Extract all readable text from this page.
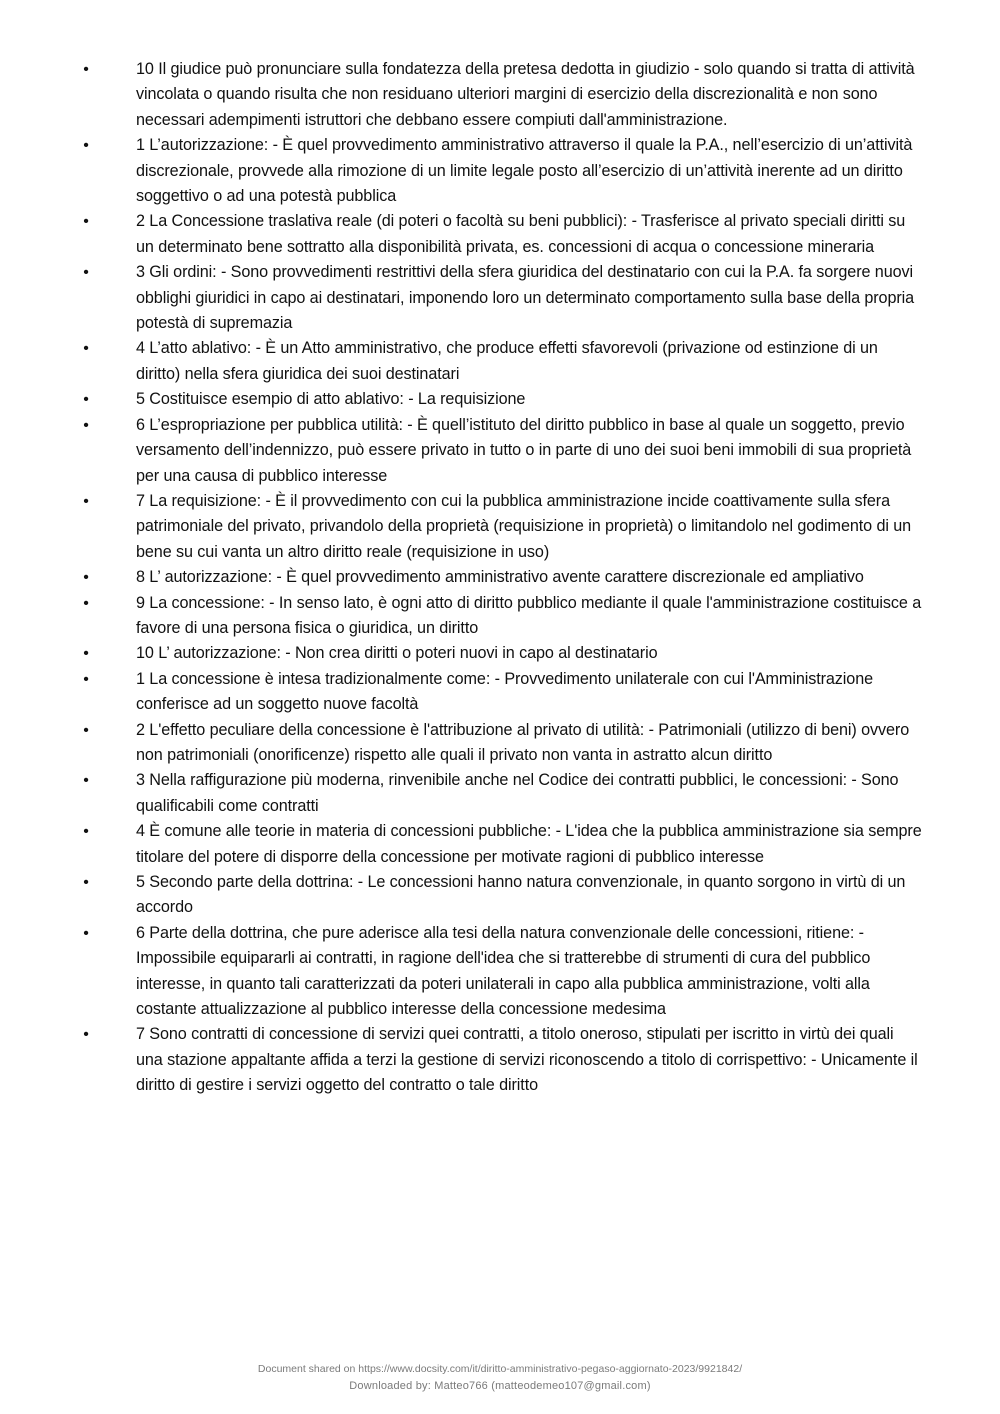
•	10 Il giudice può pronunciare sulla fondatezza della pretesa dedotta in giudizio - solo quando si tratta di attività vincolata o quando risulta che non residuano ulteriori margini di esercizio della discrezionalità e non sono necessari adempimenti istruttori che debbano essere compiuti dall'amministrazione.
•	1 L’autorizzazione: - È quel provvedimento amministrativo attraverso il quale la P.A., nell’esercizio di un’attività discrezionale, provvede alla rimozione di un limite legale posto all’esercizio di un’attività inerente ad un diritto soggettivo o ad una potestà pubblica
•	2 La Concessione traslativa reale (di poteri o facoltà su beni pubblici): - Trasferisce al privato speciali diritti su un determinato bene sottratto alla disponibilità privata, es. concessioni di acqua o concessione mineraria
•	3 Gli ordini: - Sono provvedimenti restrittivi della sfera giuridica del destinatario con cui la P.A. fa sorgere nuovi obblighi giuridici in capo ai destinatari, imponendo loro un determinato comportamento sulla base della propria potestà di supremazia
•	4 L’atto ablativo: - È un Atto amministrativo, che produce effetti sfavorevoli (privazione od estinzione di un diritto) nella sfera giuridica dei suoi destinatari
•	5 Costituisce esempio di atto ablativo: - La requisizione
•	6 L’espropriazione per pubblica utilità: - È quell’istituto del diritto pubblico in base al quale un soggetto, previo versamento dell’indennizzo, può essere privato in tutto o in parte di uno dei suoi beni immobili di sua proprietà per una causa di pubblico interesse
•	7 La requisizione: - È il provvedimento con cui la pubblica amministrazione incide coattivamente sulla sfera patrimoniale del privato, privandolo della proprietà (requisizione in proprietà) o limitandolo nel godimento di un bene su cui vanta un altro diritto reale (requisizione in uso)
•	8 L’ autorizzazione: - È quel provvedimento amministrativo avente carattere discrezionale ed ampliativo
•	9 La concessione: - In senso lato, è ogni atto di diritto pubblico mediante il quale l'amministrazione costituisce a favore di una persona fisica o giuridica, un diritto
•	10 L’ autorizzazione: - Non crea diritti o poteri nuovi in capo al destinatario
•	1 La concessione è intesa tradizionalmente come: - Provvedimento unilaterale con cui l'Amministrazione conferisce ad un soggetto nuove facoltà
•	2 L'effetto peculiare della concessione è l'attribuzione al privato di utilità: - Patrimoniali (utilizzo di beni) ovvero non patrimoniali (onorificenze) rispetto alle quali il privato non vanta in astratto alcun diritto
•	3 Nella raffigurazione più moderna, rinvenibile anche nel Codice dei contratti pubblici, le concessioni: - Sono qualificabili come contratti
•	4 È comune alle teorie in materia di concessioni pubbliche: - L'idea che la pubblica amministrazione sia sempre titolare del potere di disporre della concessione per motivate ragioni di pubblico interesse
•	5 Secondo parte della dottrina: - Le concessioni hanno natura convenzionale, in quanto sorgono in virtù di un accordo
•	6 Parte della dottrina, che pure aderisce alla tesi della natura convenzionale delle concessioni, ritiene: - Impossibile equipararli ai contratti, in ragione dell'idea che si tratterebbe di strumenti di cura del pubblico interesse, in quanto tali caratterizzati da poteri unilaterali in capo alla pubblica amministrazione, volti alla costante attualizzazione al pubblico interesse della concessione medesima
•	7 Sono contratti di concessione di servizi quei contratti, a titolo oneroso, stipulati per iscritto in virtù dei quali una stazione appaltante affida a terzi la gestione di servizi riconoscendo a titolo di corrispettivo: - Unicamente il diritto di gestire i servizi oggetto del contratto o tale diritto
Document shared on https://www.docsity.com/it/diritto-amministrativo-pegaso-aggiornato-2023/9921842/
Downloaded by: Matteo766 (matteodemeo107@gmail.com)
